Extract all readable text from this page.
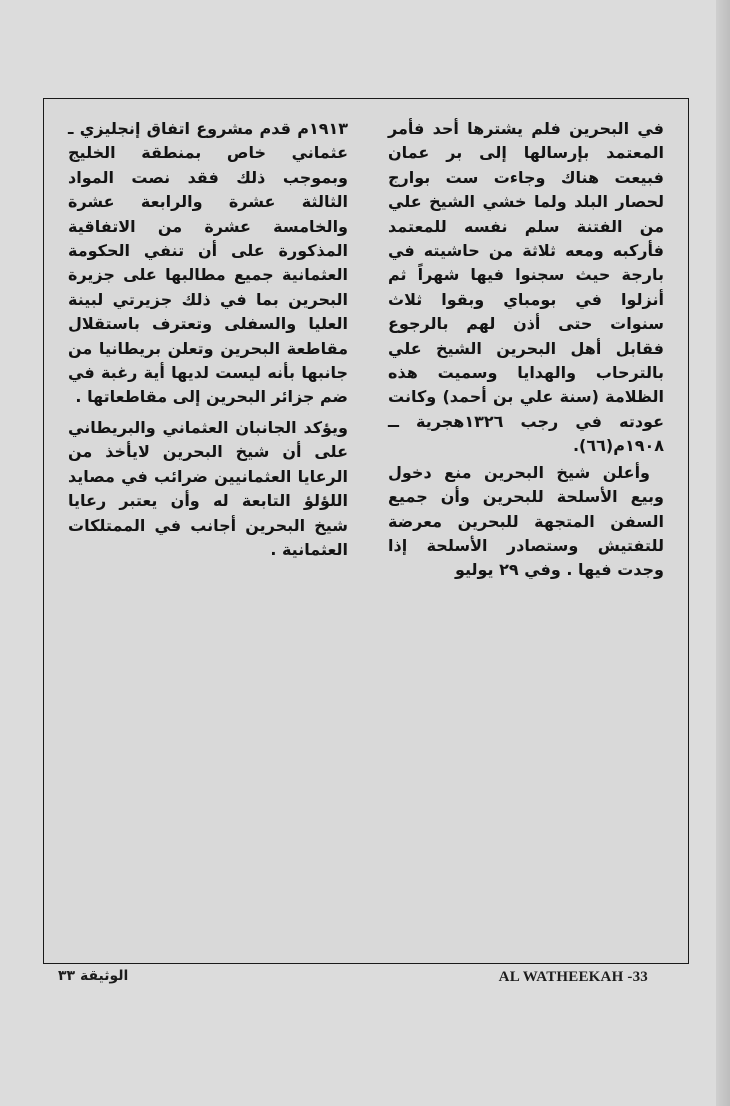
في البحرين فلم يشترها أحد فأمر المعتمد بإرسالها إلى بر عمان فبيعت هناك وجاءت ست بوارج لحصار البلد ولما خشي الشيخ علي من الفتنة سلم نفسه للمعتمد فأركبه ومعه ثلاثة من حاشيته في بارجة حيث سجنوا فيها شهراً ثم أنزلوا في بومباي وبقوا ثلاث سنوات حتى أذن لهم بالرجوع فقابل أهل البحرين الشيخ علي بالترحاب والهدايا وسميت هذه الظلامة (سنة علي بن أحمد) وكانت عودته في رجب ١٣٢٦هجرية ــ ١٩٠٨م(٦٦).

وأعلن شيخ البحرين منع دخول وبيع الأسلحة للبحرين وأن جميع السفن المتجهة للبحرين معرضة للتفتيش وستصادر الأسلحة إذا وجدت فيها . وفي ٢٩ يوليو

١٩١٣م قدم مشروع اتفاق إنجليزي ـ عثماني خاص بمنطقة الخليج وبموجب ذلك فقد نصت المواد الثالثة عشرة والرابعة عشرة والخامسة عشرة من الاتفاقية المذكورة على أن تنفي الحكومة العثمانية جميع مطالبها على جزيرة البحرين بما في ذلك جزيرتي لبينة العليا والسفلى وتعترف باستقلال مقاطعة البحرين وتعلن بريطانيا من جانبها بأنه ليست لديها أية رغبة في ضم جزائر البحرين إلى مقاطعاتها .

ويؤكد الجانبان العثماني والبريطاني على أن شيخ البحرين لايأخذ من الرعايا العثمانيين ضرائب في مصايد اللؤلؤ التابعة له وأن يعتبر رعايا شيخ البحرين أجانب في الممتلكات العثمانية .

الوثيقة ٣٣	AL WATHEEKAH -33
